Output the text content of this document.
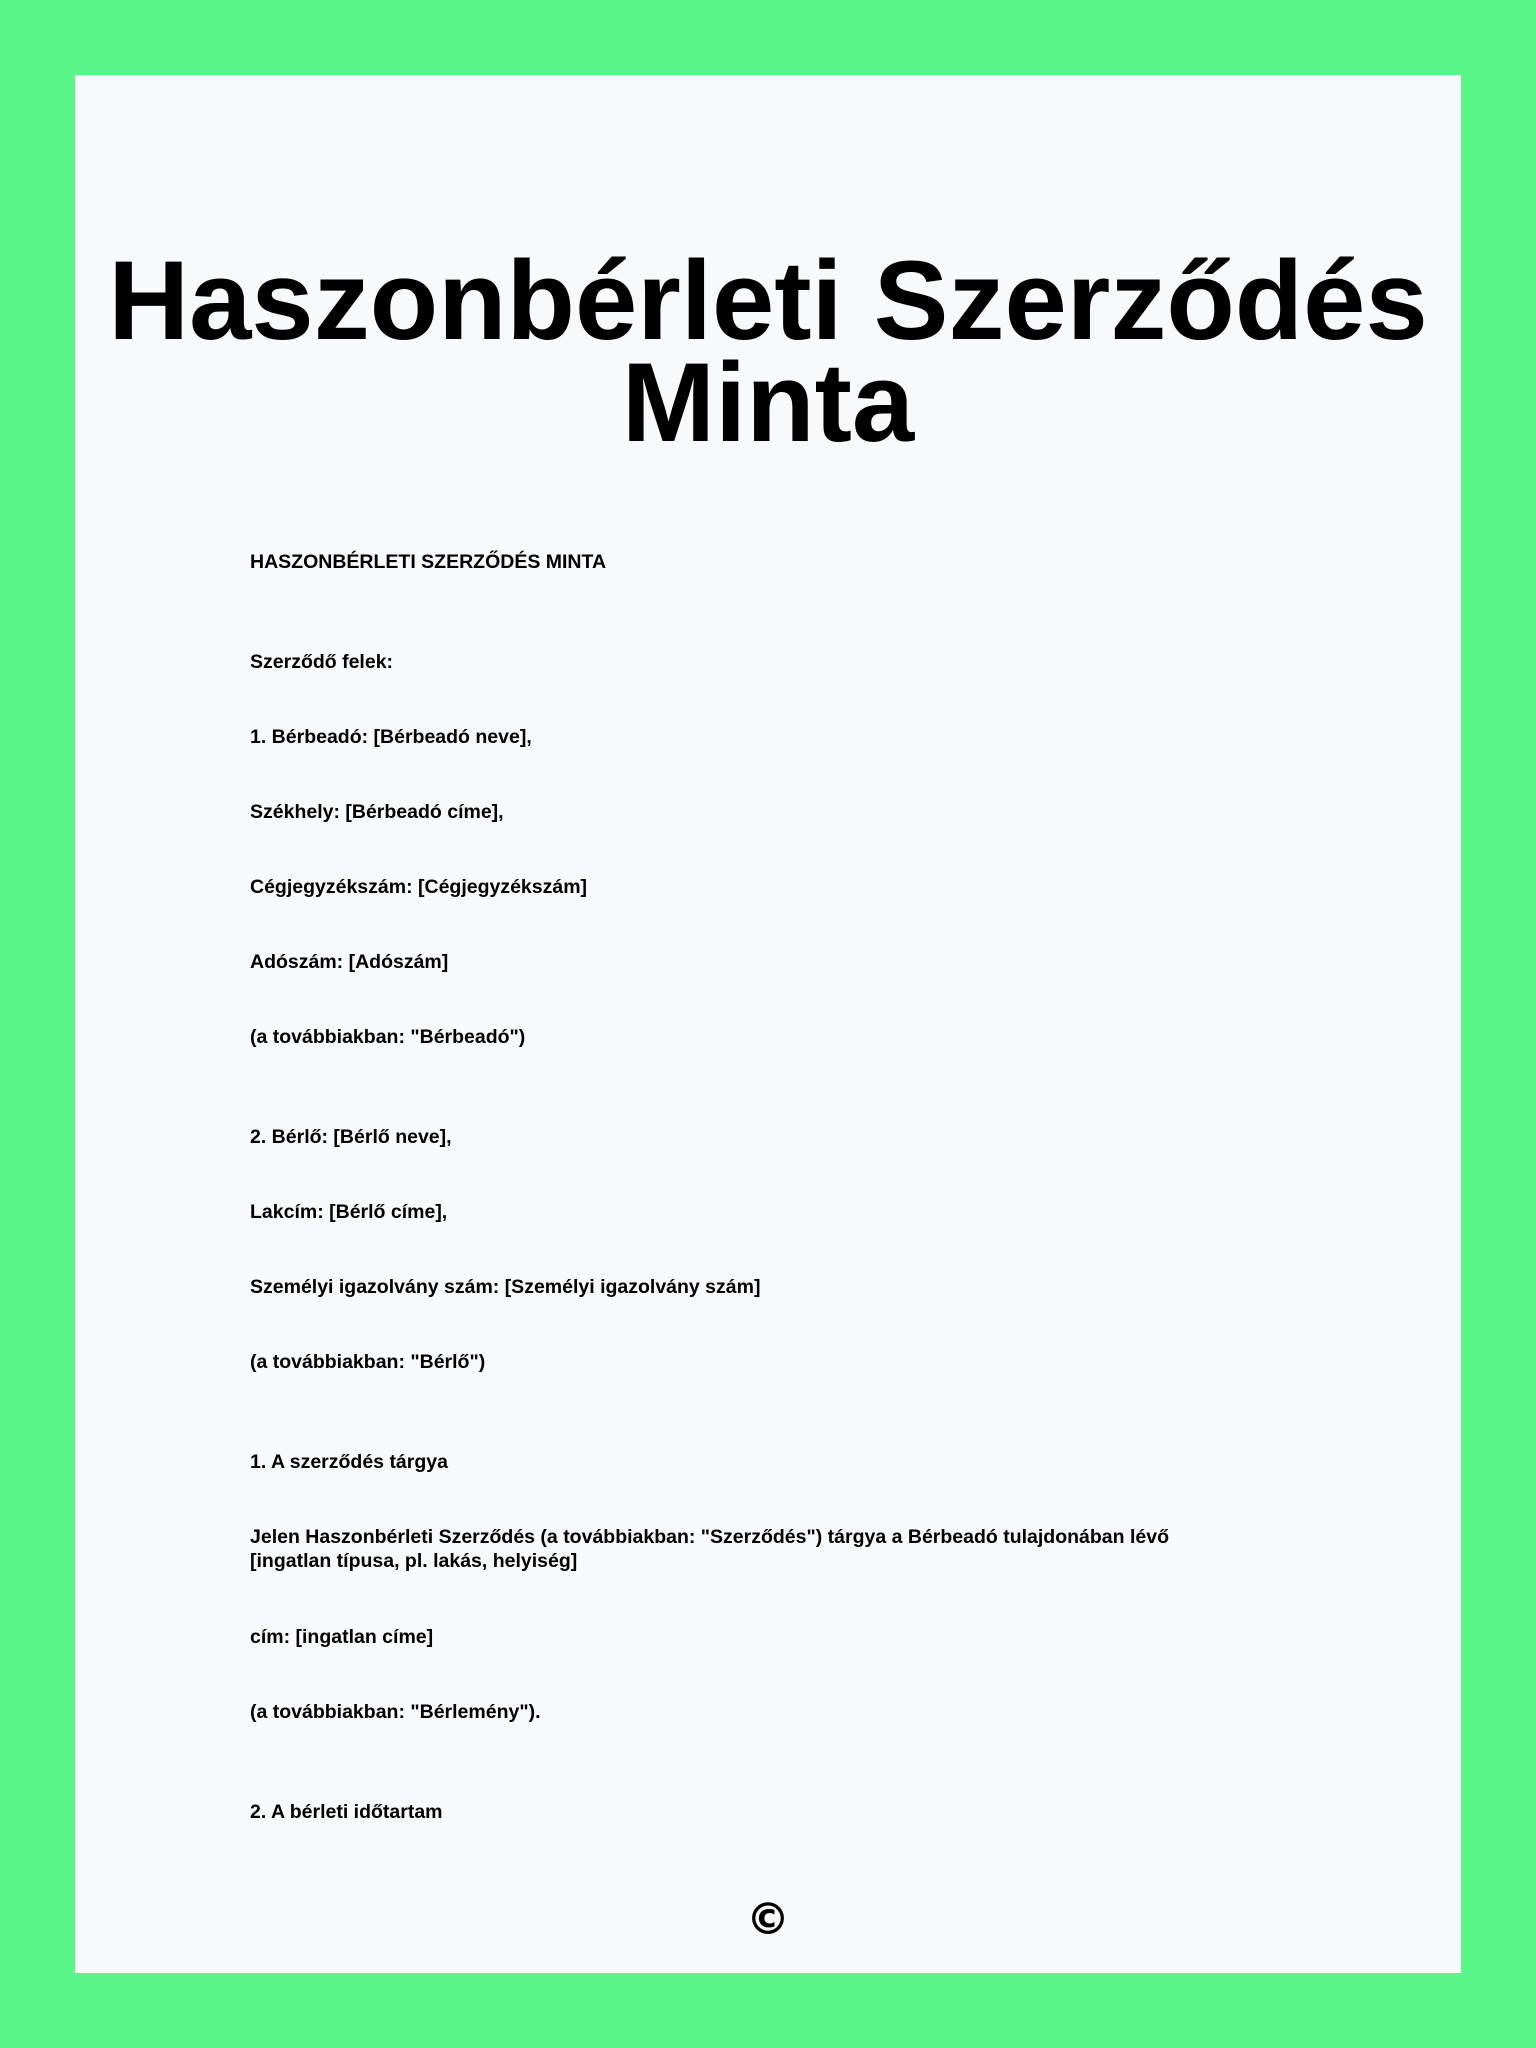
Haszonbérleti Szerződés
Minta

HASZONBÉRLETI SZERZŐDÉS MINTA

Szerződő felek:

1. Bérbeadó: [Bérbeadó neve],

Székhely: [Bérbeadó címe],

Cégjegyzékszám: [Cégjegyzékszám]

Adószám: [Adószám]

(a továbbiakban: "Bérbeadó")

2. Bérlő: [Bérlő neve],

Lakcím: [Bérlő címe],

Személyi igazolvány szám: [Személyi igazolvány szám]

(a továbbiakban: "Bérlő")

1. A szerződés tárgya

Jelen Haszonbérleti Szerződés (a továbbiakban: "Szerződés") tárgya a Bérbeadó tulajdonában lévő [ingatlan típusa, pl. lakás, helyiség]

cím: [ingatlan címe]

(a továbbiakban: "Bérlemény").

2. A bérleti időtartam

©
